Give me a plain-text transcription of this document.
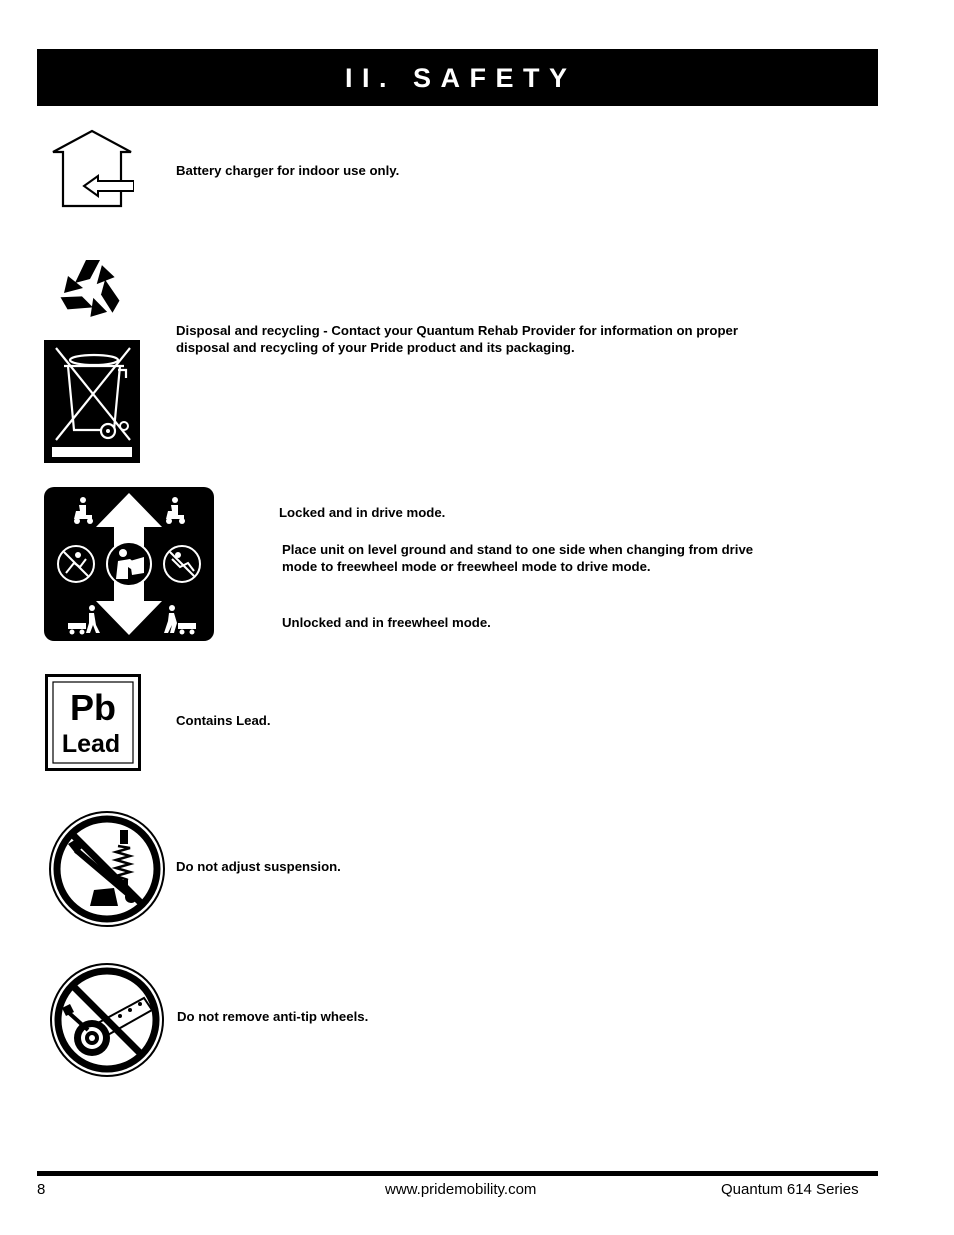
II. SAFETY

Battery charger for indoor use only.

Disposal and recycling - Contact your Quantum Rehab Provider for information on proper

disposal and recycling of your Pride product and its packaging.

Locked and in drive mode.

Place unit on level ground and stand to one side when changing from drive

mode to freewheel mode or freewheel mode to drive mode.

Unlocked and in freewheel mode.

Pb
Lead

Contains Lead.

Do not adjust suspension.

Do not remove anti-tip wheels.

8	www.pridemobility.com	Quantum 614 Series
